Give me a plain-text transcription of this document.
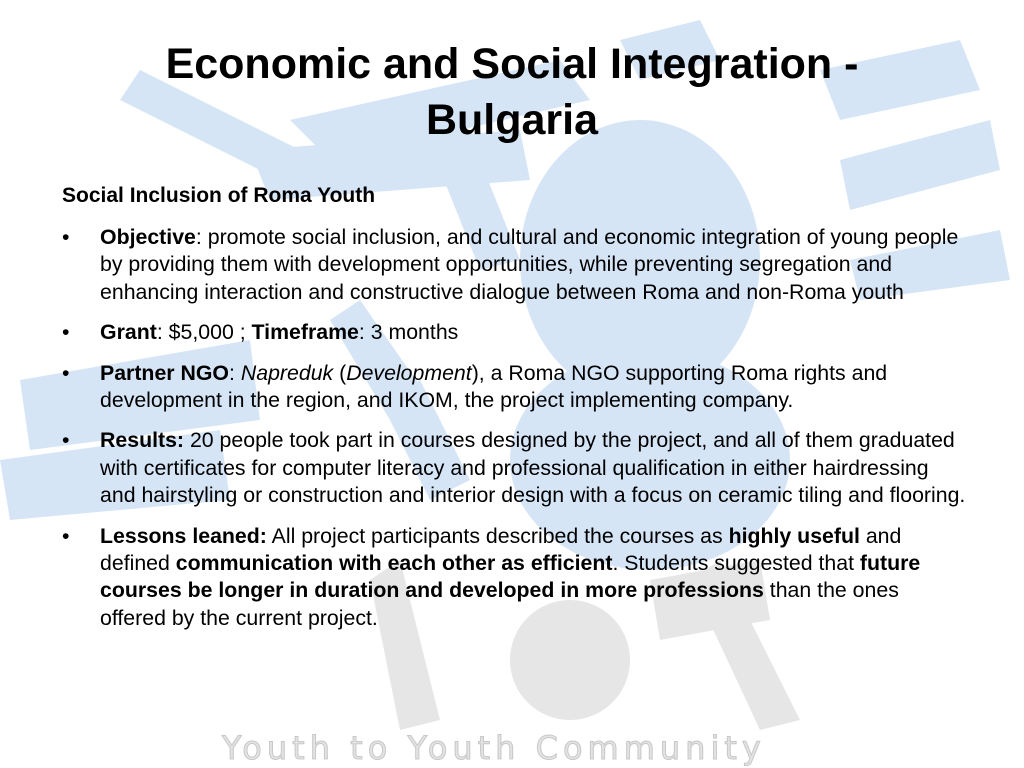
Economic and Social Integration -
Bulgaria
Social Inclusion of Roma Youth
• Objective: promote social inclusion, and cultural and economic integration of young people by providing them with development opportunities, while preventing segregation and enhancing interaction and constructive dialogue between Roma and non-Roma youth
• Grant: $5,000 ; Timeframe: 3 months
• Partner NGO: Napreduk (Development), a Roma NGO supporting Roma rights and development in the region, and IKOM, the project implementing company.
• Results: 20 people took part in courses designed by the project, and all of them graduated with certificates for computer literacy and professional qualification in either hairdressing and hairstyling or construction and interior design with a focus on ceramic tiling and flooring.
• Lessons leaned: All project participants described the courses as highly useful and defined communication with each other as efficient. Students suggested that future courses be longer in duration and developed in more professions than the ones offered by the current project.
Youth to Youth Community
